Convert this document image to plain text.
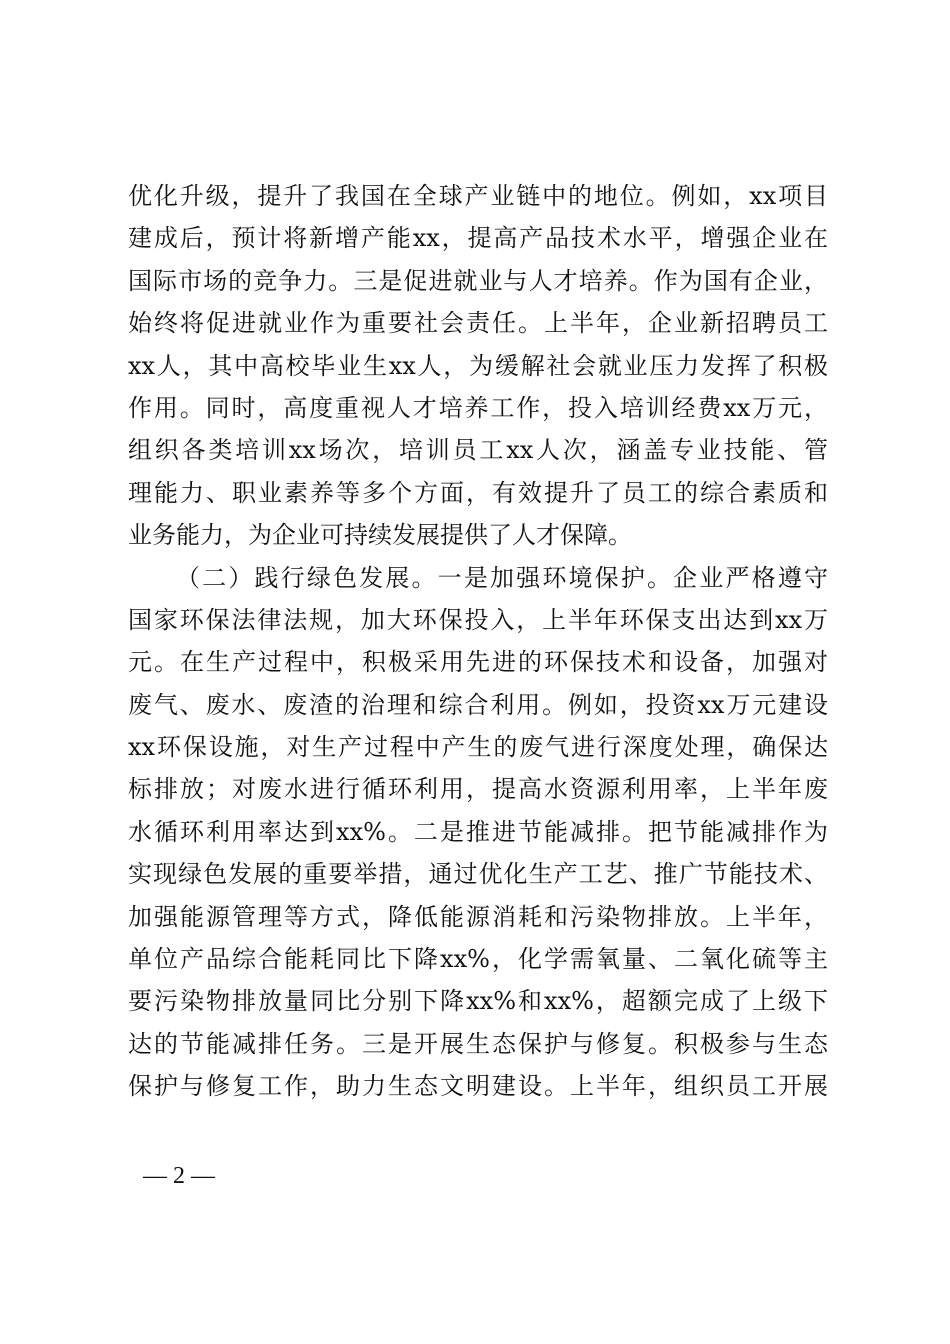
优化升级，提升了我国在全球产业链中的地位。例如，xx项目
建成后，预计将新增产能xx，提高产品技术水平，增强企业在
国际市场的竞争力。三是促进就业与人才培养。作为国有企业，
始终将促进就业作为重要社会责任。上半年，企业新招聘员工
xx人，其中高校毕业生xx人，为缓解社会就业压力发挥了积极
作用。同时，高度重视人才培养工作，投入培训经费xx万元，
组织各类培训xx场次，培训员工xx人次，涵盖专业技能、管
理能力、职业素养等多个方面，有效提升了员工的综合素质和
业务能力，为企业可持续发展提供了人才保障。
（二）践行绿色发展。一是加强环境保护。企业严格遵守
国家环保法律法规，加大环保投入，上半年环保支出达到xx万
元。在生产过程中，积极采用先进的环保技术和设备，加强对
废气、废水、废渣的治理和综合利用。例如，投资xx万元建设
xx环保设施，对生产过程中产生的废气进行深度处理，确保达
标排放；对废水进行循环利用，提高水资源利用率，上半年废
水循环利用率达到xx%。二是推进节能减排。把节能减排作为
实现绿色发展的重要举措，通过优化生产工艺、推广节能技术、
加强能源管理等方式，降低能源消耗和污染物排放。上半年，
单位产品综合能耗同比下降xx%，化学需氧量、二氧化硫等主
要污染物排放量同比分别下降xx%和xx%，超额完成了上级下
达的节能减排任务。三是开展生态保护与修复。积极参与生态
保护与修复工作，助力生态文明建设。上半年，组织员工开展
— 2 —
